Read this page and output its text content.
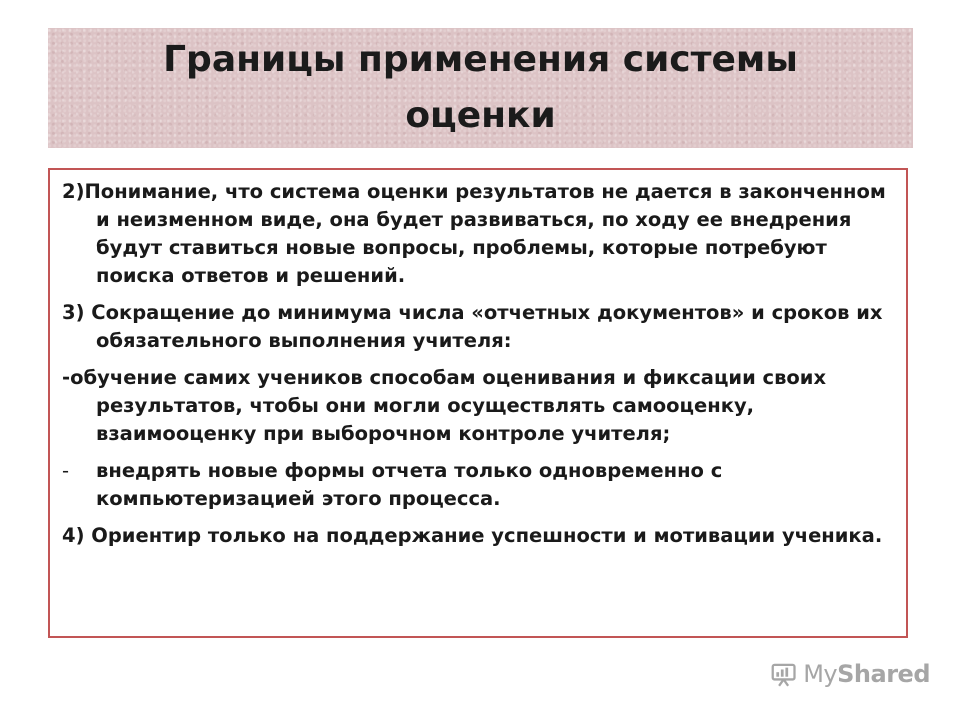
Границы применения системы оценки

2)Понимание, что система оценки результатов не дается в законченном и неизменном виде, она будет развиваться, по ходу ее внедрения будут ставиться новые вопросы, проблемы, которые потребуют поиска ответов и решений.

3) Сокращение до минимума числа «отчетных документов» и сроков их обязательного выполнения учителя:

-обучение самих учеников способам оценивания и фиксации своих результатов, чтобы они могли осуществлять самооценку, взаимооценку при выборочном контроле учителя;

- внедрять новые формы отчета только одновременно с компьютеризацией этого процесса.

4) Ориентир только на поддержание успешности и мотивации ученика.

MyShared
